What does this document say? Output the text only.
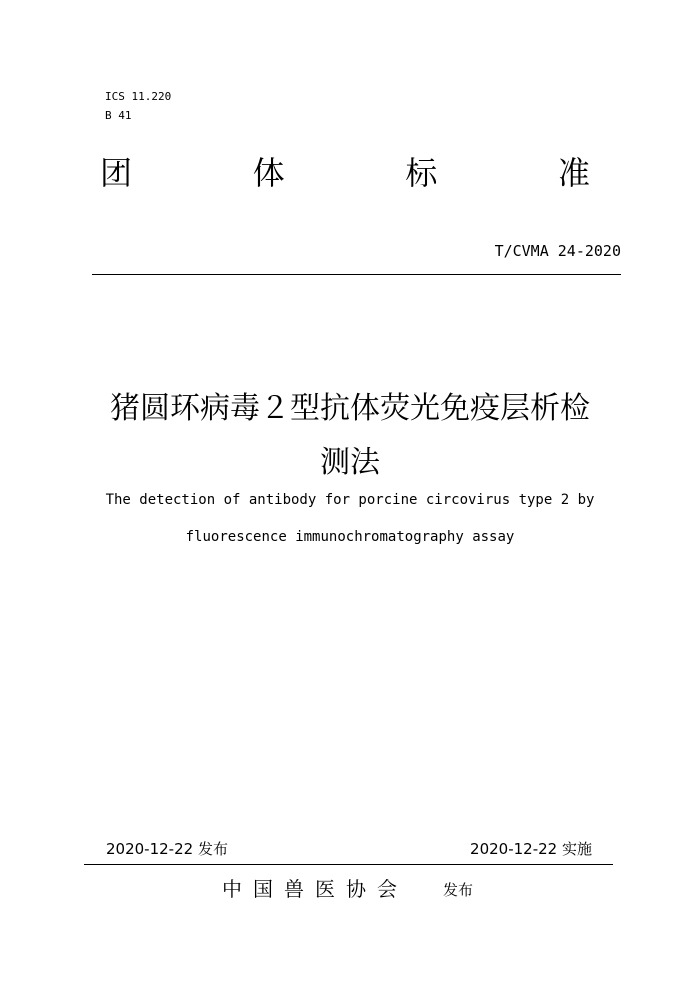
ICS 11.220
B 41
团	体	标	准
T/CVMA 24-2020
猪圆环病毒２型抗体荧光免疫层析检
测法
The detection of antibody for porcine circovirus type 2 by
fluorescence immunochromatography assay
2020-12-22 发布	2020-12-22 实施
中国兽医协会 发布
